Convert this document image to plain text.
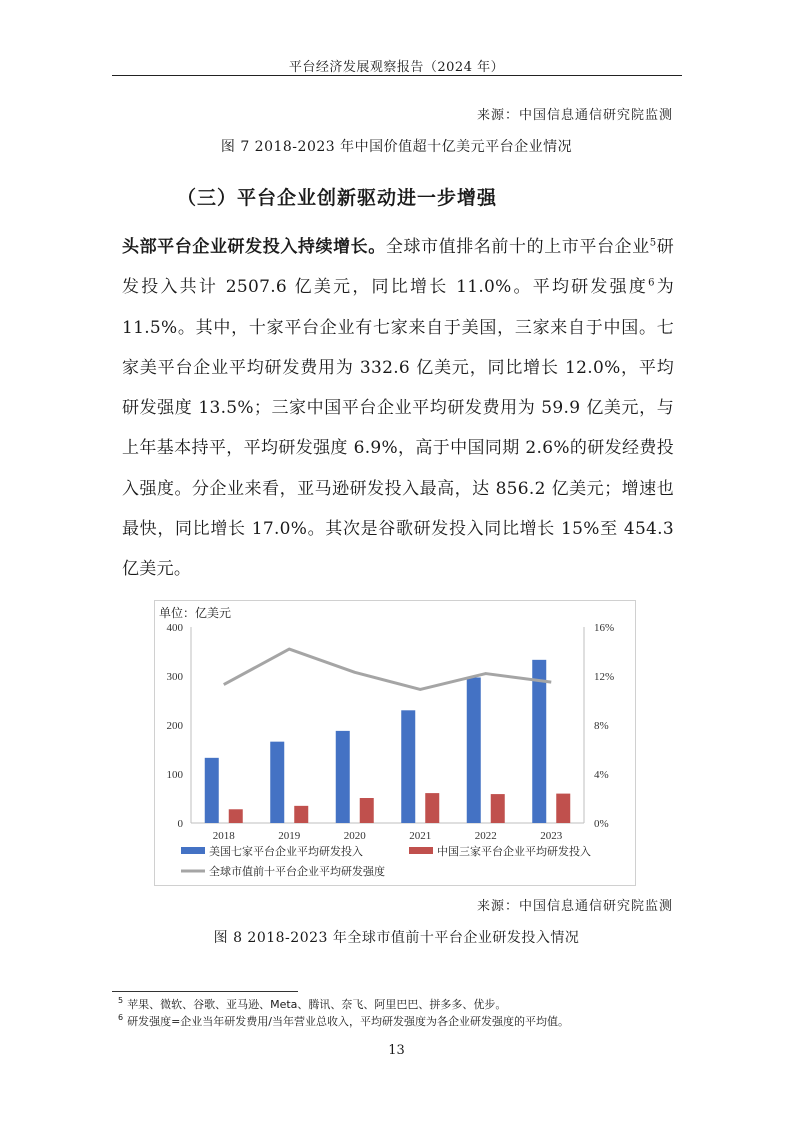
平台经济发展观察报告（2024 年）
来源：中国信息通信研究院监测
图 7 2018-2023 年中国价值超十亿美元平台企业情况
（三）平台企业创新驱动进一步增强

头部平台企业研发投入持续增长。全球市值排名前十的上市平台企业$^5$研发投入共计 2507.6 亿美元，同比增长 11.0%。平均研发强度$^6$为 11.5%。其中，十家平台企业有七家来自于美国，三家来自于中国。七家美平台企业平均研发费用为 332.6 亿美元，同比增长 12.0%，平均研发强度 13.5%；三家中国平台企业平均研发费用为 59.9 亿美元，与上年基本持平，平均研发强度 6.9%，高于中国同期 2.6%的研发经费投入强度。分企业来看，亚马逊研发投入最高，达 856.2 亿美元；增速也最快，同比增长 17.0%。其次是谷歌研发投入同比增长 15%至 454.3 亿美元。

单位：亿美元
0
100
200
300
400
0%
4%
8%
12%
16%
2018	2019	2020	2021	2022	2023
美国七家平台企业平均研发投入	中国三家平台企业平均研发投入
全球市值前十平台企业平均研发强度
来源：中国信息通信研究院监测
图 8 2018-2023 年全球市值前十平台企业研发投入情况
$^5$ 苹果、微软、谷歌、亚马逊、Meta、腾讯、奈飞、阿里巴巴、拼多多、优步。
$^6$ 研发强度=企业当年研发费用/当年营业总收入，平均研发强度为各企业研发强度的平均值。
13
